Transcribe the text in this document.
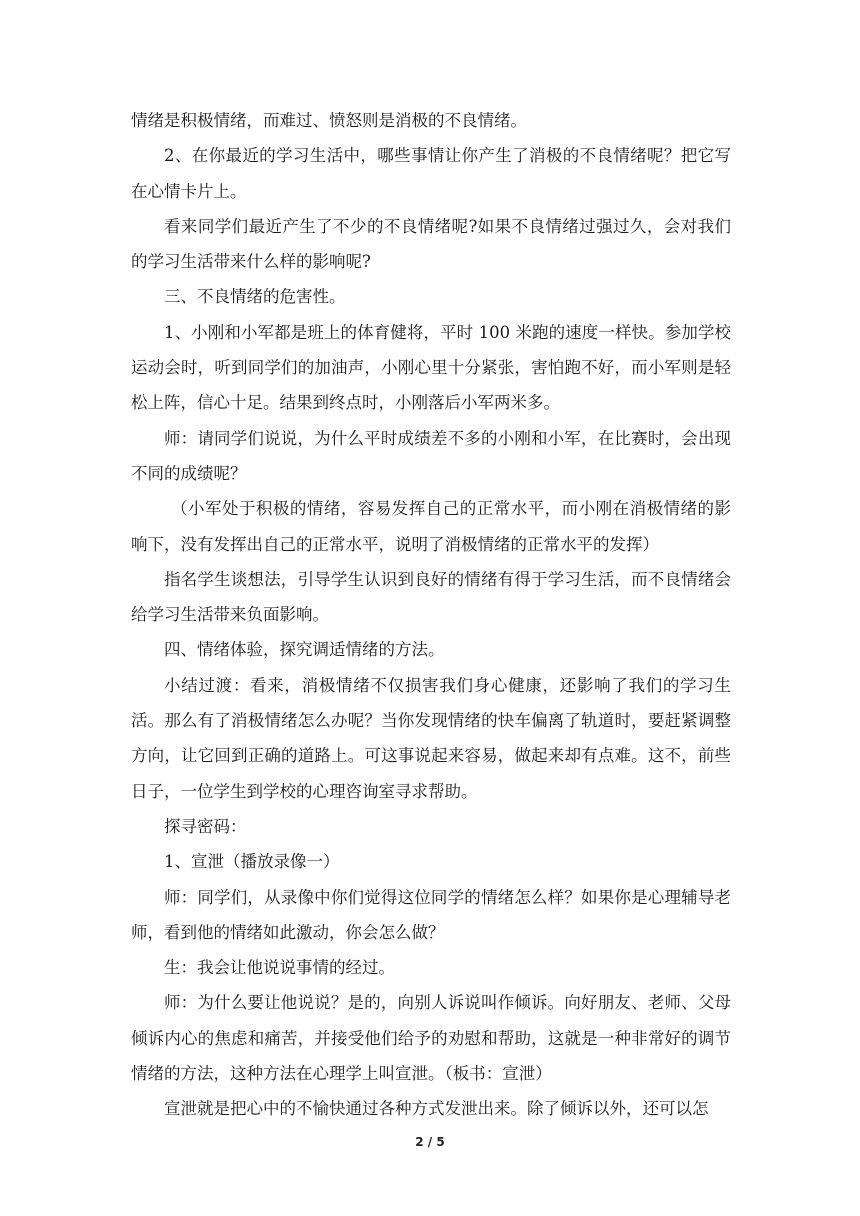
情绪是积极情绪，而难过、愤怒则是消极的不良情绪。

2、在你最近的学习生活中，哪些事情让你产生了消极的不良情绪呢？把它写在心情卡片上。

看来同学们最近产生了不少的不良情绪呢?如果不良情绪过强过久，会对我们的学习生活带来什么样的影响呢?

三、不良情绪的危害性。

1、小刚和小军都是班上的体育健将，平时 100 米跑的速度一样快。参加学校运动会时，听到同学们的加油声，小刚心里十分紧张，害怕跑不好，而小军则是轻松上阵，信心十足。结果到终点时，小刚落后小军两米多。

师：请同学们说说，为什么平时成绩差不多的小刚和小军，在比赛时，会出现不同的成绩呢？

（小军处于积极的情绪，容易发挥自己的正常水平，而小刚在消极情绪的影响下，没有发挥出自己的正常水平，说明了消极情绪的正常水平的发挥）

指名学生谈想法，引导学生认识到良好的情绪有得于学习生活，而不良情绪会给学习生活带来负面影响。

四、情绪体验，探究调适情绪的方法。

小结过渡：看来，消极情绪不仅损害我们身心健康，还影响了我们的学习生活。那么有了消极情绪怎么办呢？当你发现情绪的快车偏离了轨道时，要赶紧调整方向，让它回到正确的道路上。可这事说起来容易，做起来却有点难。这不，前些日子，一位学生到学校的心理咨询室寻求帮助。

探寻密码：

1、宣泄（播放录像一）

师：同学们，从录像中你们觉得这位同学的情绪怎么样？如果你是心理辅导老师，看到他的情绪如此激动，你会怎么做？

生：我会让他说说事情的经过。

师：为什么要让他说说？是的，向别人诉说叫作倾诉。向好朋友、老师、父母倾诉内心的焦虑和痛苦，并接受他们给予的劝慰和帮助，这就是一种非常好的调节情绪的方法，这种方法在心理学上叫宣泄。（板书：宣泄）

宣泄就是把心中的不愉快通过各种方式发泄出来。除了倾诉以外，还可以怎

2 / 5
